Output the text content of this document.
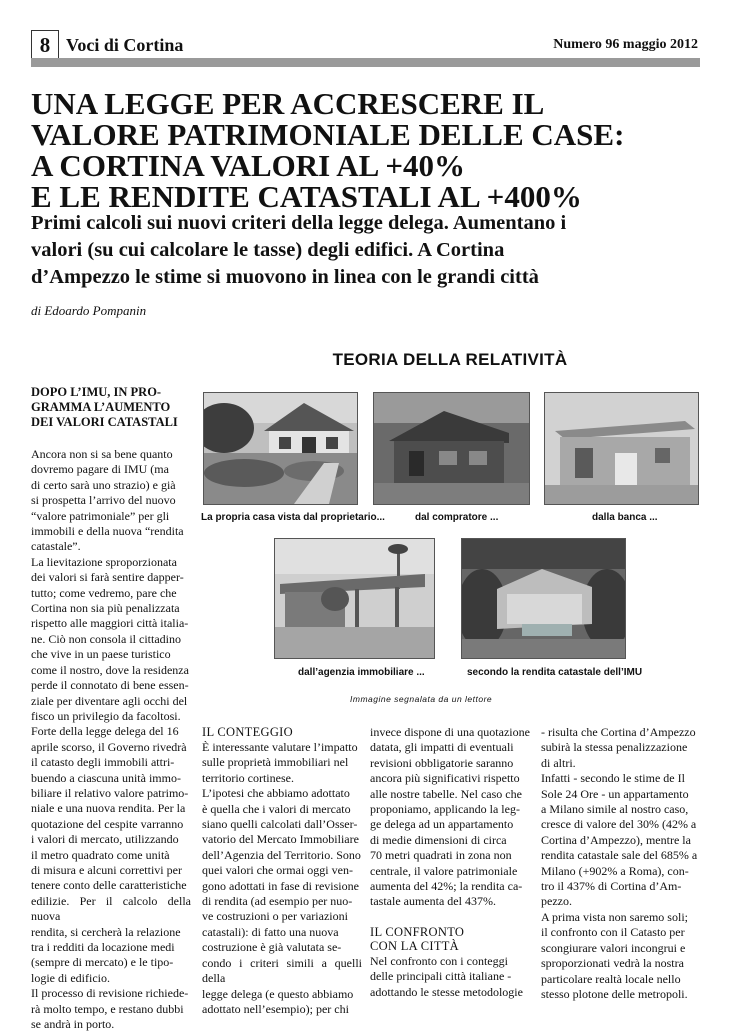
8 Voci di Cortina	Numero 96 maggio 2012
UNA LEGGE PER ACCRESCERE IL
VALORE PATRIMONIALE DELLE CASE:
A CORTINA VALORI AL +40%
E LE RENDITE CATASTALI AL +400%
Primi calcoli sui nuovi criteri della legge delega. Aumentano i
valori (su cui calcolare le tasse) degli edifici. A Cortina
d’Ampezzo le stime si muovono in linea con le grandi città
di Edoardo Pompanin
TEORIA DELLA RELATIVITÀ
La propria casa vista dal proprietario...	dal compratore ...	dalla banca ...
dall’agenzia immobiliare ...	secondo la rendita catastale dell’IMU
Immagine segnalata da un lettore
DOPO L’IMU, IN PRO-
GRAMMA L’AUMENTO
DEI VALORI CATASTALI

Ancora non si sa bene quanto

dovremo pagare di IMU (ma

di certo sarà uno strazio) e già

si prospetta l’arrivo del nuovo

“valore patrimoniale” per gli

immobili e della nuova “rendita

catastale”.

La lievitazione sproporzionata

dei valori si farà sentire dapper-

tutto; come vedremo, pare che

Cortina non sia più penalizzata

rispetto alle maggiori città italia-

ne. Ciò non consola il cittadino

che vive in un paese turistico

come il nostro, dove la residenza

perde il connotato di bene essen-

ziale per diventare agli occhi del

fisco un privilegio da facoltosi.

Forte della legge delega del 16

aprile scorso, il Governo rivedrà

il catasto degli immobili attri-

buendo a ciascuna unità immo-

biliare il relativo valore patrimo-

niale e una nuova rendita. Per la

quotazione del cespite varranno

i valori di mercato, utilizzando

il metro quadrato come unità

di misura e alcuni correttivi per

tenere conto delle caratteristiche

edilizie. Per il calcolo della nuova

rendita, si cercherà la relazione

tra i redditi da locazione medi

(sempre di mercato) e le tipo-

logie di edificio.

Il processo di revisione richiede-

rà molto tempo, e restano dubbi

se andrà in porto.

IL CONTEGGIO

È interessante valutare l’impatto

sulle proprietà immobiliari nel

territorio cortinese.

L’ipotesi che abbiamo adottato

è quella che i valori di mercato

siano quelli calcolati dall’Osser-

vatorio del Mercato Immobiliare

dell’Agenzia del Territorio. Sono

quei valori che ormai oggi ven-

gono adottati in fase di revisione

di rendita (ad esempio per nuo-

ve costruzioni o per variazioni

catastali): di fatto una nuova

costruzione è già valutata se-

condo i criteri simili a quelli della

legge delega (e questo abbiamo

adottato nell’esempio); per chi

invece dispone di una quotazione

datata, gli impatti di eventuali

revisioni obbligatorie saranno

ancora più significativi rispetto

alle nostre tabelle. Nel caso che

proponiamo, applicando la leg-

ge delega ad un appartamento

di medie dimensioni di circa

70 metri quadrati in zona non

centrale, il valore patrimoniale

aumenta del 42%; la rendita ca-

tastale aumenta del 437%.

IL CONFRONTO
CON LA CITTÀ

Nel confronto con i conteggi

delle principali città italiane -

adottando le stesse metodologie

- risulta che Cortina d’Ampezzo

subirà la stessa penalizzazione

di altri.

Infatti - secondo le stime de Il

Sole 24 Ore - un appartamento

a Milano simile al nostro caso,

cresce di valore del 30% (42% a

Cortina d’Ampezzo), mentre la

rendita catastale sale del 685% a

Milano (+902% a Roma), con-

tro il 437% di Cortina d’Am-

pezzo.

A prima vista non saremo soli;

il confronto con il Catasto per

scongiurare valori incongrui e

sproporzionati vedrà la nostra

particolare realtà locale nello

stesso plotone delle metropoli.
